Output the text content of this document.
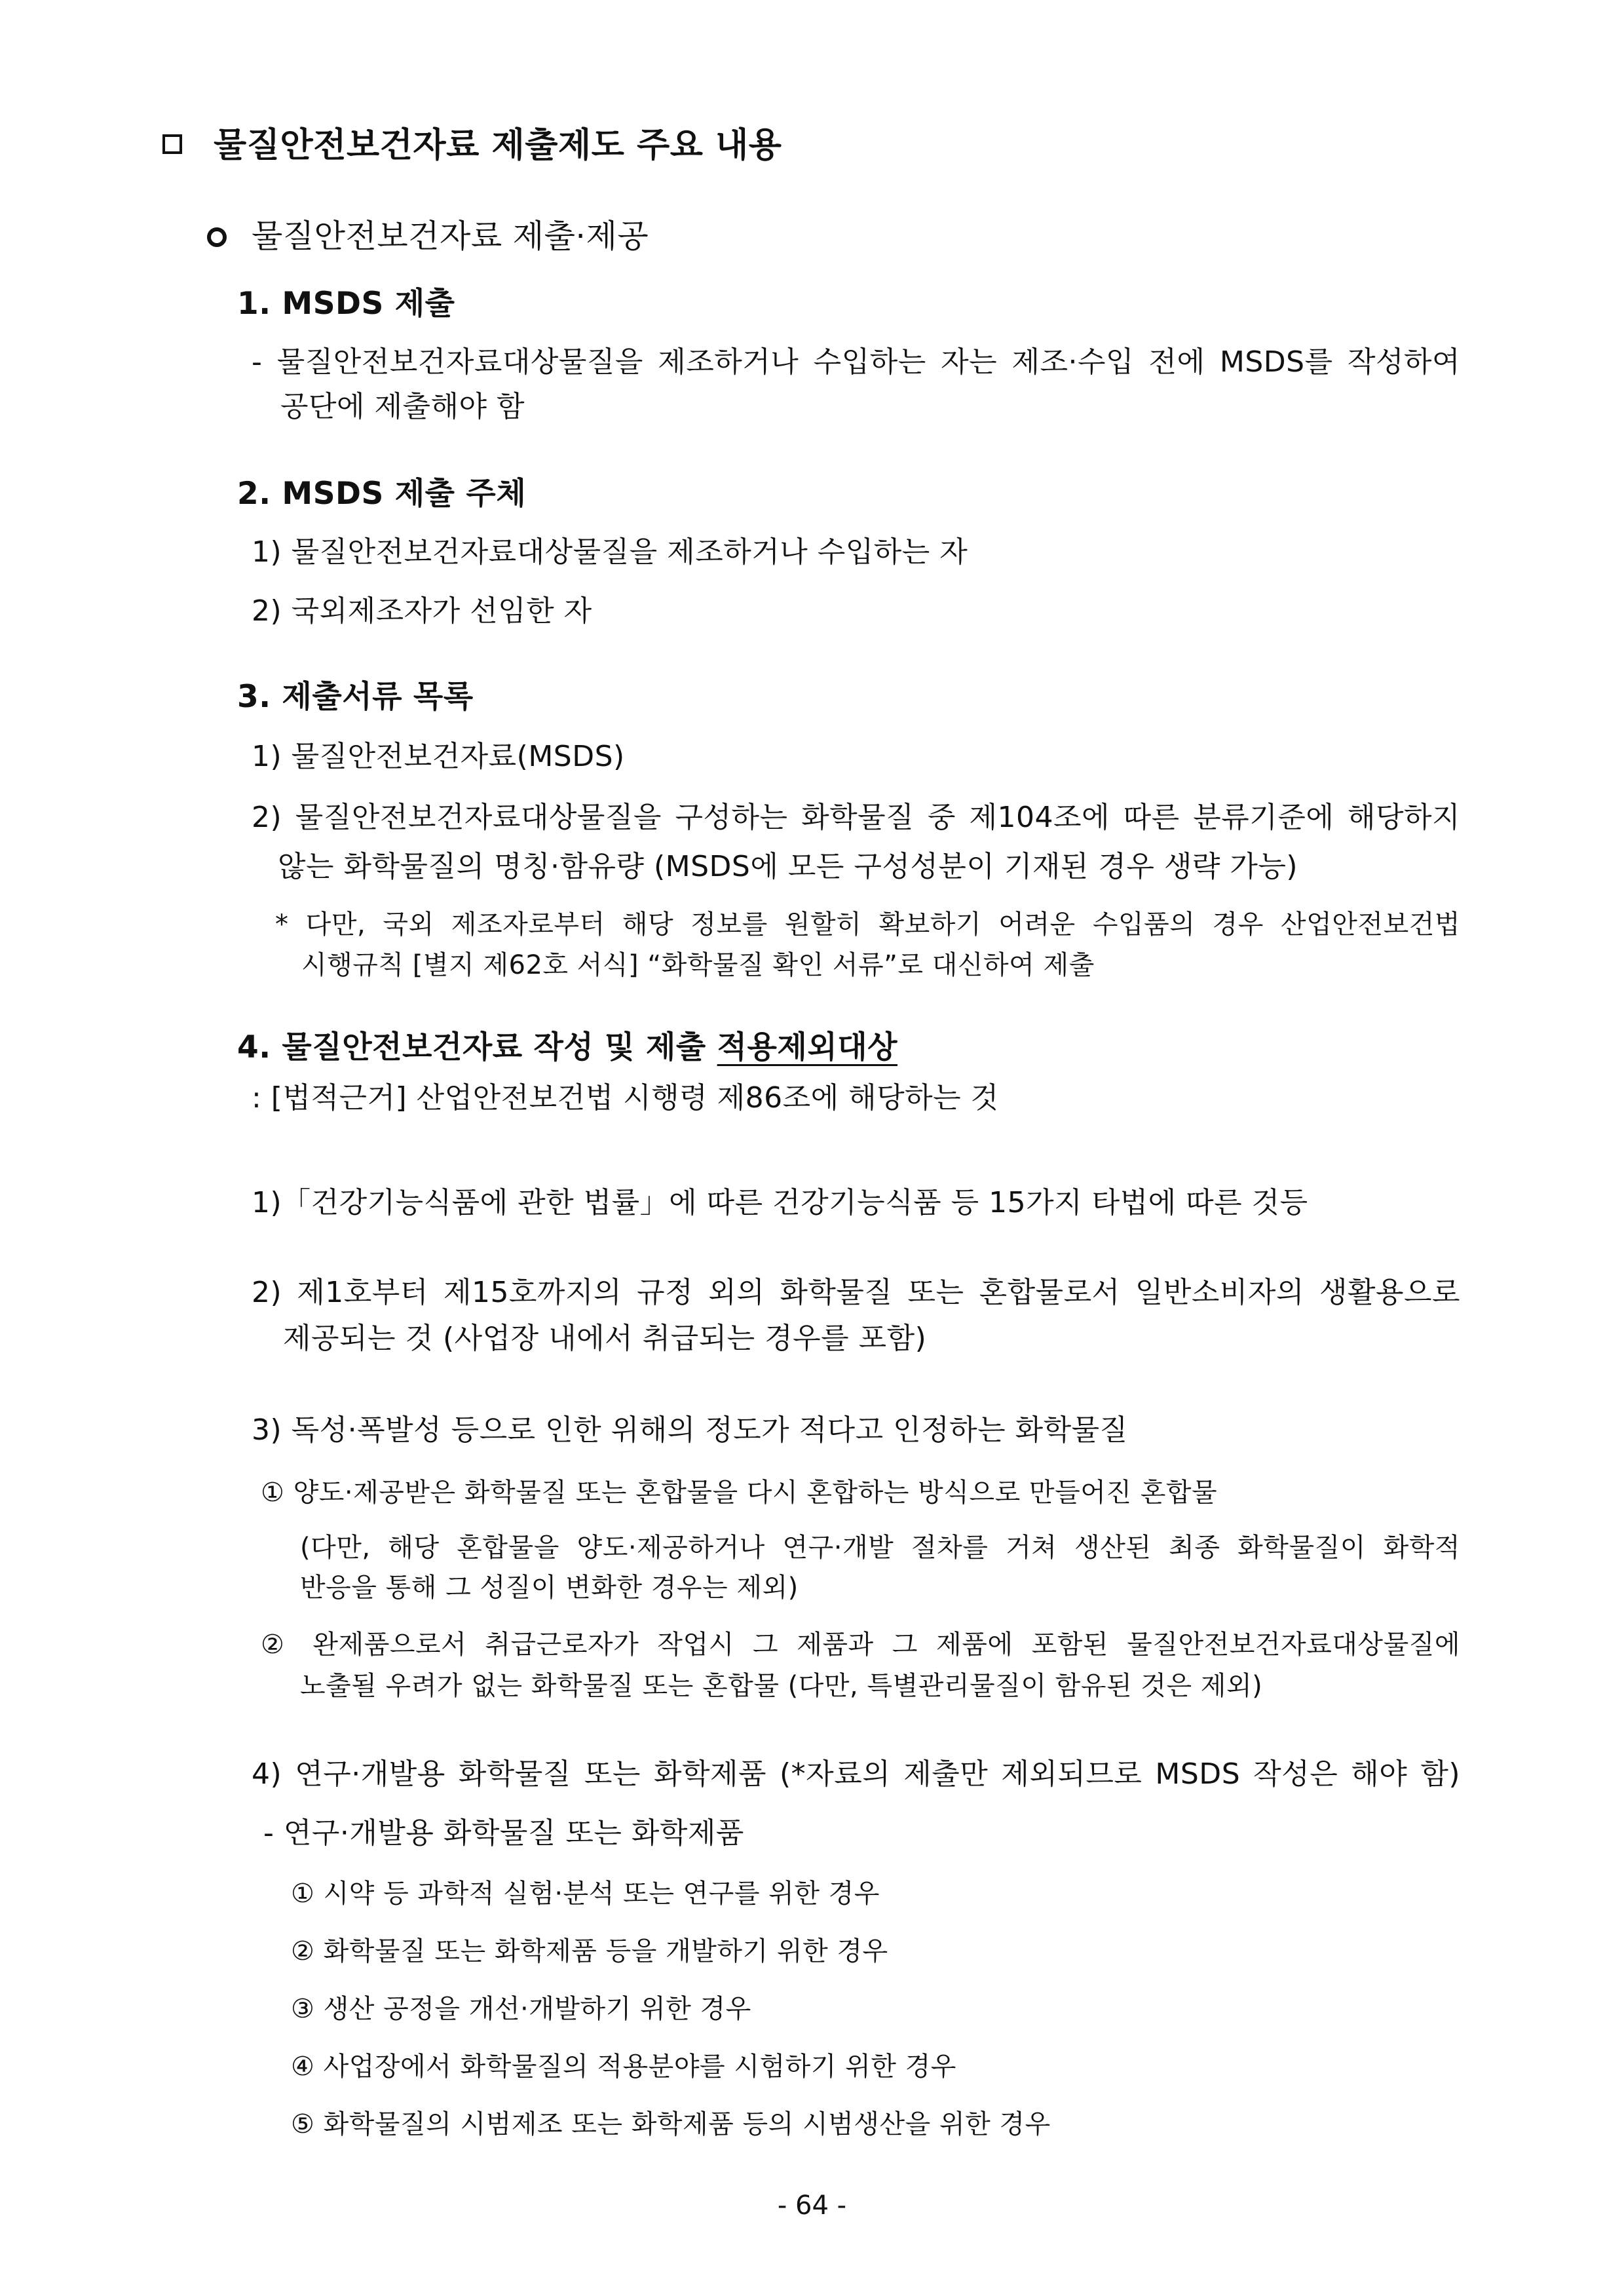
물질안전보건자료 제출제도 주요 내용
물질안전보건자료 제출·제공
1. MSDS 제출
- 물질안전보건자료대상물질을 제조하거나 수입하는 자는 제조·수입 전에 MSDS를 작성하여
공단에 제출해야 함
2. MSDS 제출 주체
1) 물질안전보건자료대상물질을 제조하거나 수입하는 자
2) 국외제조자가 선임한 자
3. 제출서류 목록
1) 물질안전보건자료(MSDS)
2) 물질안전보건자료대상물질을 구성하는 화학물질 중 제104조에 따른 분류기준에 해당하지
않는 화학물질의 명칭·함유량 (MSDS에 모든 구성성분이 기재된 경우 생략 가능)
* 다만, 국외 제조자로부터 해당 정보를 원할히 확보하기 어려운 수입품의 경우 산업안전보건법
시행규칙 [별지 제62호 서식] “화학물질 확인 서류”로 대신하여 제출
4. 물질안전보건자료 작성 및 제출 적용제외대상
: [법적근거] 산업안전보건법 시행령 제86조에 해당하는 것
1)「건강기능식품에 관한 법률」에 따른 건강기능식품 등 15가지 타법에 따른 것등
2) 제1호부터 제15호까지의 규정 외의 화학물질 또는 혼합물로서 일반소비자의 생활용으로
제공되는 것 (사업장 내에서 취급되는 경우를 포함)
3) 독성·폭발성 등으로 인한 위해의 정도가 적다고 인정하는 화학물질
① 양도·제공받은 화학물질 또는 혼합물을 다시 혼합하는 방식으로 만들어진 혼합물
(다만, 해당 혼합물을 양도·제공하거나 연구·개발 절차를 거쳐 생산된 최종 화학물질이 화학적
반응을 통해 그 성질이 변화한 경우는 제외)
② 완제품으로서 취급근로자가 작업시 그 제품과 그 제품에 포함된 물질안전보건자료대상물질에
노출될 우려가 없는 화학물질 또는 혼합물 (다만, 특별관리물질이 함유된 것은 제외)
4) 연구·개발용 화학물질 또는 화학제품 (*자료의 제출만 제외되므로 MSDS 작성은 해야 함)
- 연구·개발용 화학물질 또는 화학제품
① 시약 등 과학적 실험·분석 또는 연구를 위한 경우
② 화학물질 또는 화학제품 등을 개발하기 위한 경우
③ 생산 공정을 개선·개발하기 위한 경우
④ 사업장에서 화학물질의 적용분야를 시험하기 위한 경우
⑤ 화학물질의 시범제조 또는 화학제품 등의 시범생산을 위한 경우
- 64 -
